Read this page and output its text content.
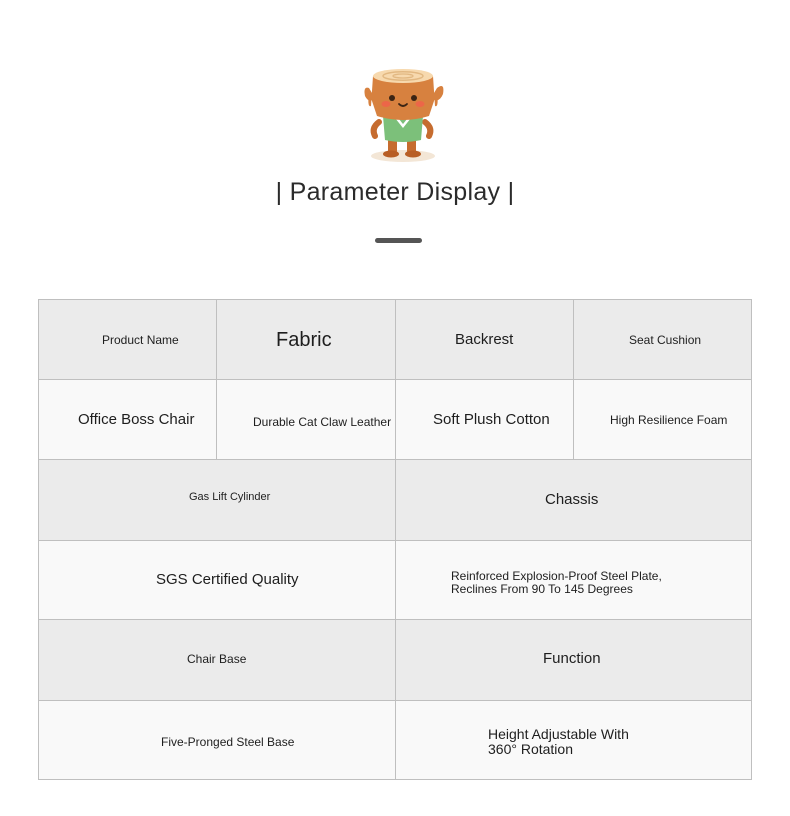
| Parameter Display |
Product Name	Fabric	Backrest	Seat Cushion
Office Boss Chair	Durable Cat Claw Leather	Soft Plush Cotton	High Resilience Foam
Gas Lift Cylinder	Chassis
SGS Certified Quality	Reinforced Explosion-Proof Steel Plate,
Reclines From 90 To 145 Degrees
Chair Base	Function
Five-Pronged Steel Base	Height Adjustable With
360° Rotation
